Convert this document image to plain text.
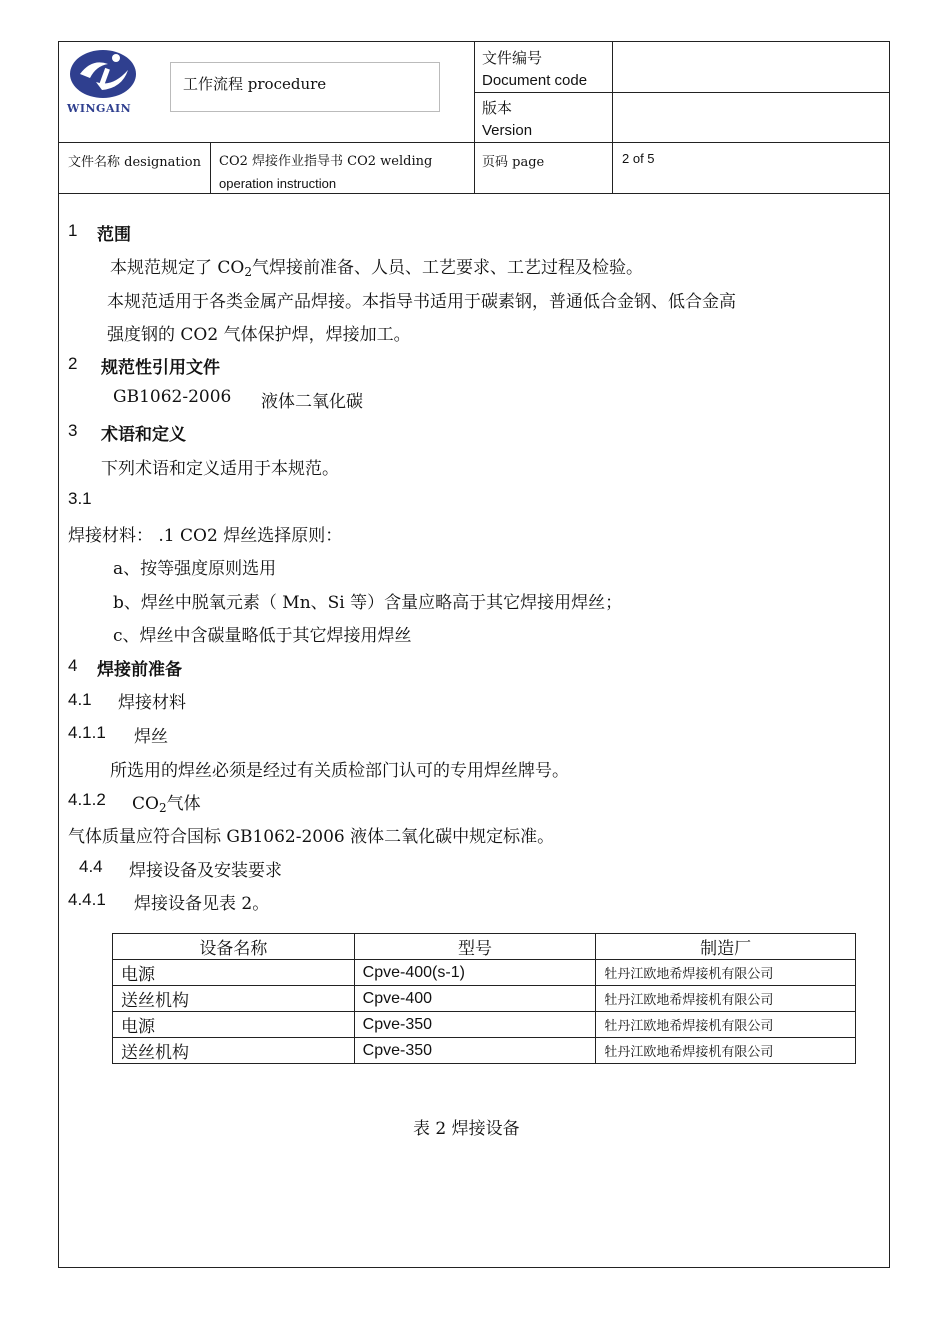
WINGAIN
工作流程 procedure
文件编号
Document code
版本
Version
文件名称 designation CO2 焊接作业指导书 CO2 welding
operation instruction
页码 page	2 of 5
1 范围
本规范规定了 $CO_2$气焊接前准备、人员、工艺要求、工艺过程及检验。
本规范适用于各类金属产品焊接。本指导书适用于碳素钢，普通低合金钢、低合金高
强度钢的 CO2 气体保护焊，焊接加工。
2 规范性引用文件
GB1062-2006 液体二氧化碳
3 术语和定义
下列术语和定义适用于本规范。
3.1
焊接材料： .1 CO2 焊丝选择原则：
a、按等强度原则选用
b、焊丝中脱氧元素（ Mn、Si 等）含量应略高于其它焊接用焊丝；
c、焊丝中含碳量略低于其它焊接用焊丝
4 焊接前准备
4.1 焊接材料
4.1.1 焊丝
所选用的焊丝必须是经过有关质检部门认可的专用焊丝牌号。
4.1.2 $CO_2$气体
气体质量应符合国标 GB1062-2006 液体二氧化碳中规定标准。
4.4 焊接设备及安装要求
4.4.1 焊接设备见表 2。
设备名称	型号	制造厂
电源	Cpve-400(s-1)	牡丹江欧地希焊接机有限公司
送丝机构	Cpve-400	牡丹江欧地希焊接机有限公司
电源	Cpve-350	牡丹江欧地希焊接机有限公司
送丝机构	Cpve-350	牡丹江欧地希焊接机有限公司
表 2 焊接设备
